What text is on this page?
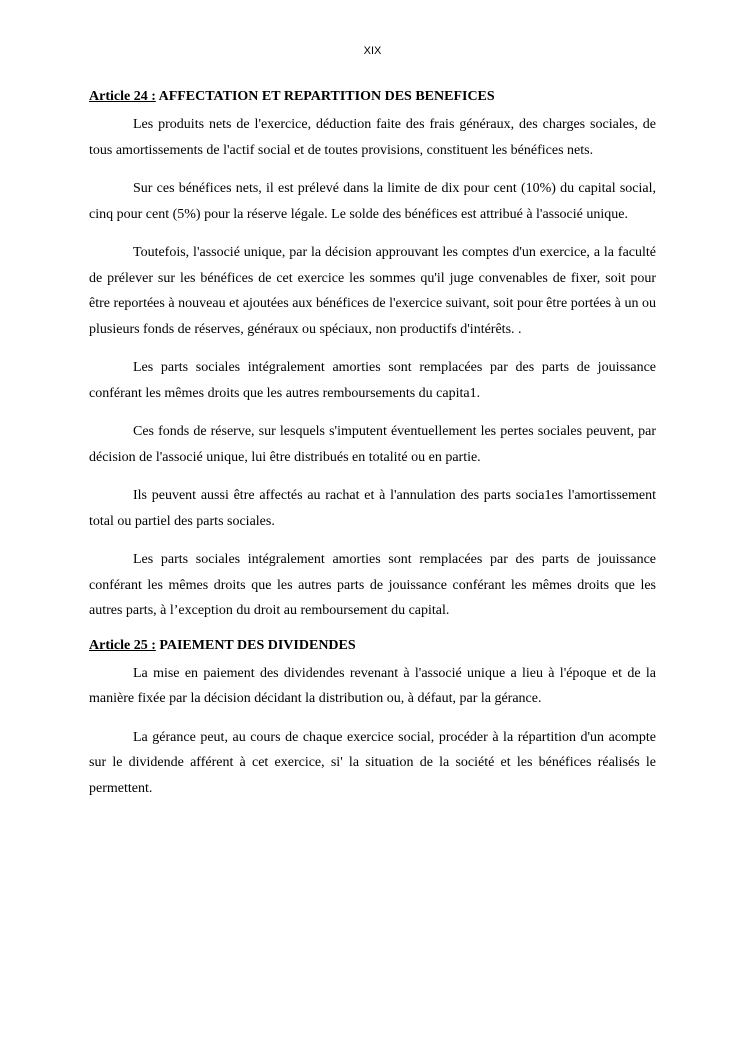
XIX
Article 24 : AFFECTATION ET REPARTITION DES BENEFICES

Les produits nets de l'exercice, déduction faite des frais généraux, des charges sociales, de tous amortissements de l'actif social et de toutes provisions, constituent les bénéfices nets.

Sur ces bénéfices nets, il est prélevé dans la limite de dix pour cent (10%) du capital social, cinq pour cent (5%) pour la réserve légale. Le solde des bénéfices est attribué à l'associé unique.

Toutefois, l'associé unique, par la décision approuvant les comptes d'un exercice, a la faculté de prélever sur les bénéfices de cet exercice les sommes qu'il juge convenables de fixer, soit pour être reportées à nouveau et ajoutées aux bénéfices de l'exercice suivant, soit pour être portées à un ou plusieurs fonds de réserves, généraux ou spéciaux, non productifs d'intérêts. .

Les parts sociales intégralement amorties sont remplacées par des parts de jouissance conférant les mêmes droits que les autres remboursements du capita1.

Ces fonds de réserve, sur lesquels s'imputent éventuellement les pertes sociales peuvent, par décision de l'associé unique, lui être distribués en totalité ou en partie.

Ils peuvent aussi être affectés au rachat et à l'annulation des parts socia1es l'amortissement total ou partiel des parts sociales.

Les parts sociales intégralement amorties sont remplacées par des parts de jouissance conférant les mêmes droits que les autres parts de jouissance conférant les mêmes droits que les autres parts, à l’exception du droit au remboursement du capital.

Article 25 : PAIEMENT DES DIVIDENDES

La mise en paiement des dividendes revenant à l'associé unique a lieu à l'époque et de la manière fixée par la décision décidant la distribution ou, à défaut, par la gérance.

La gérance peut, au cours de chaque exercice social, procéder à la répartition d'un acompte sur le dividende afférent à cet exercice, si' la situation de la société et les bénéfices réalisés le permettent.
